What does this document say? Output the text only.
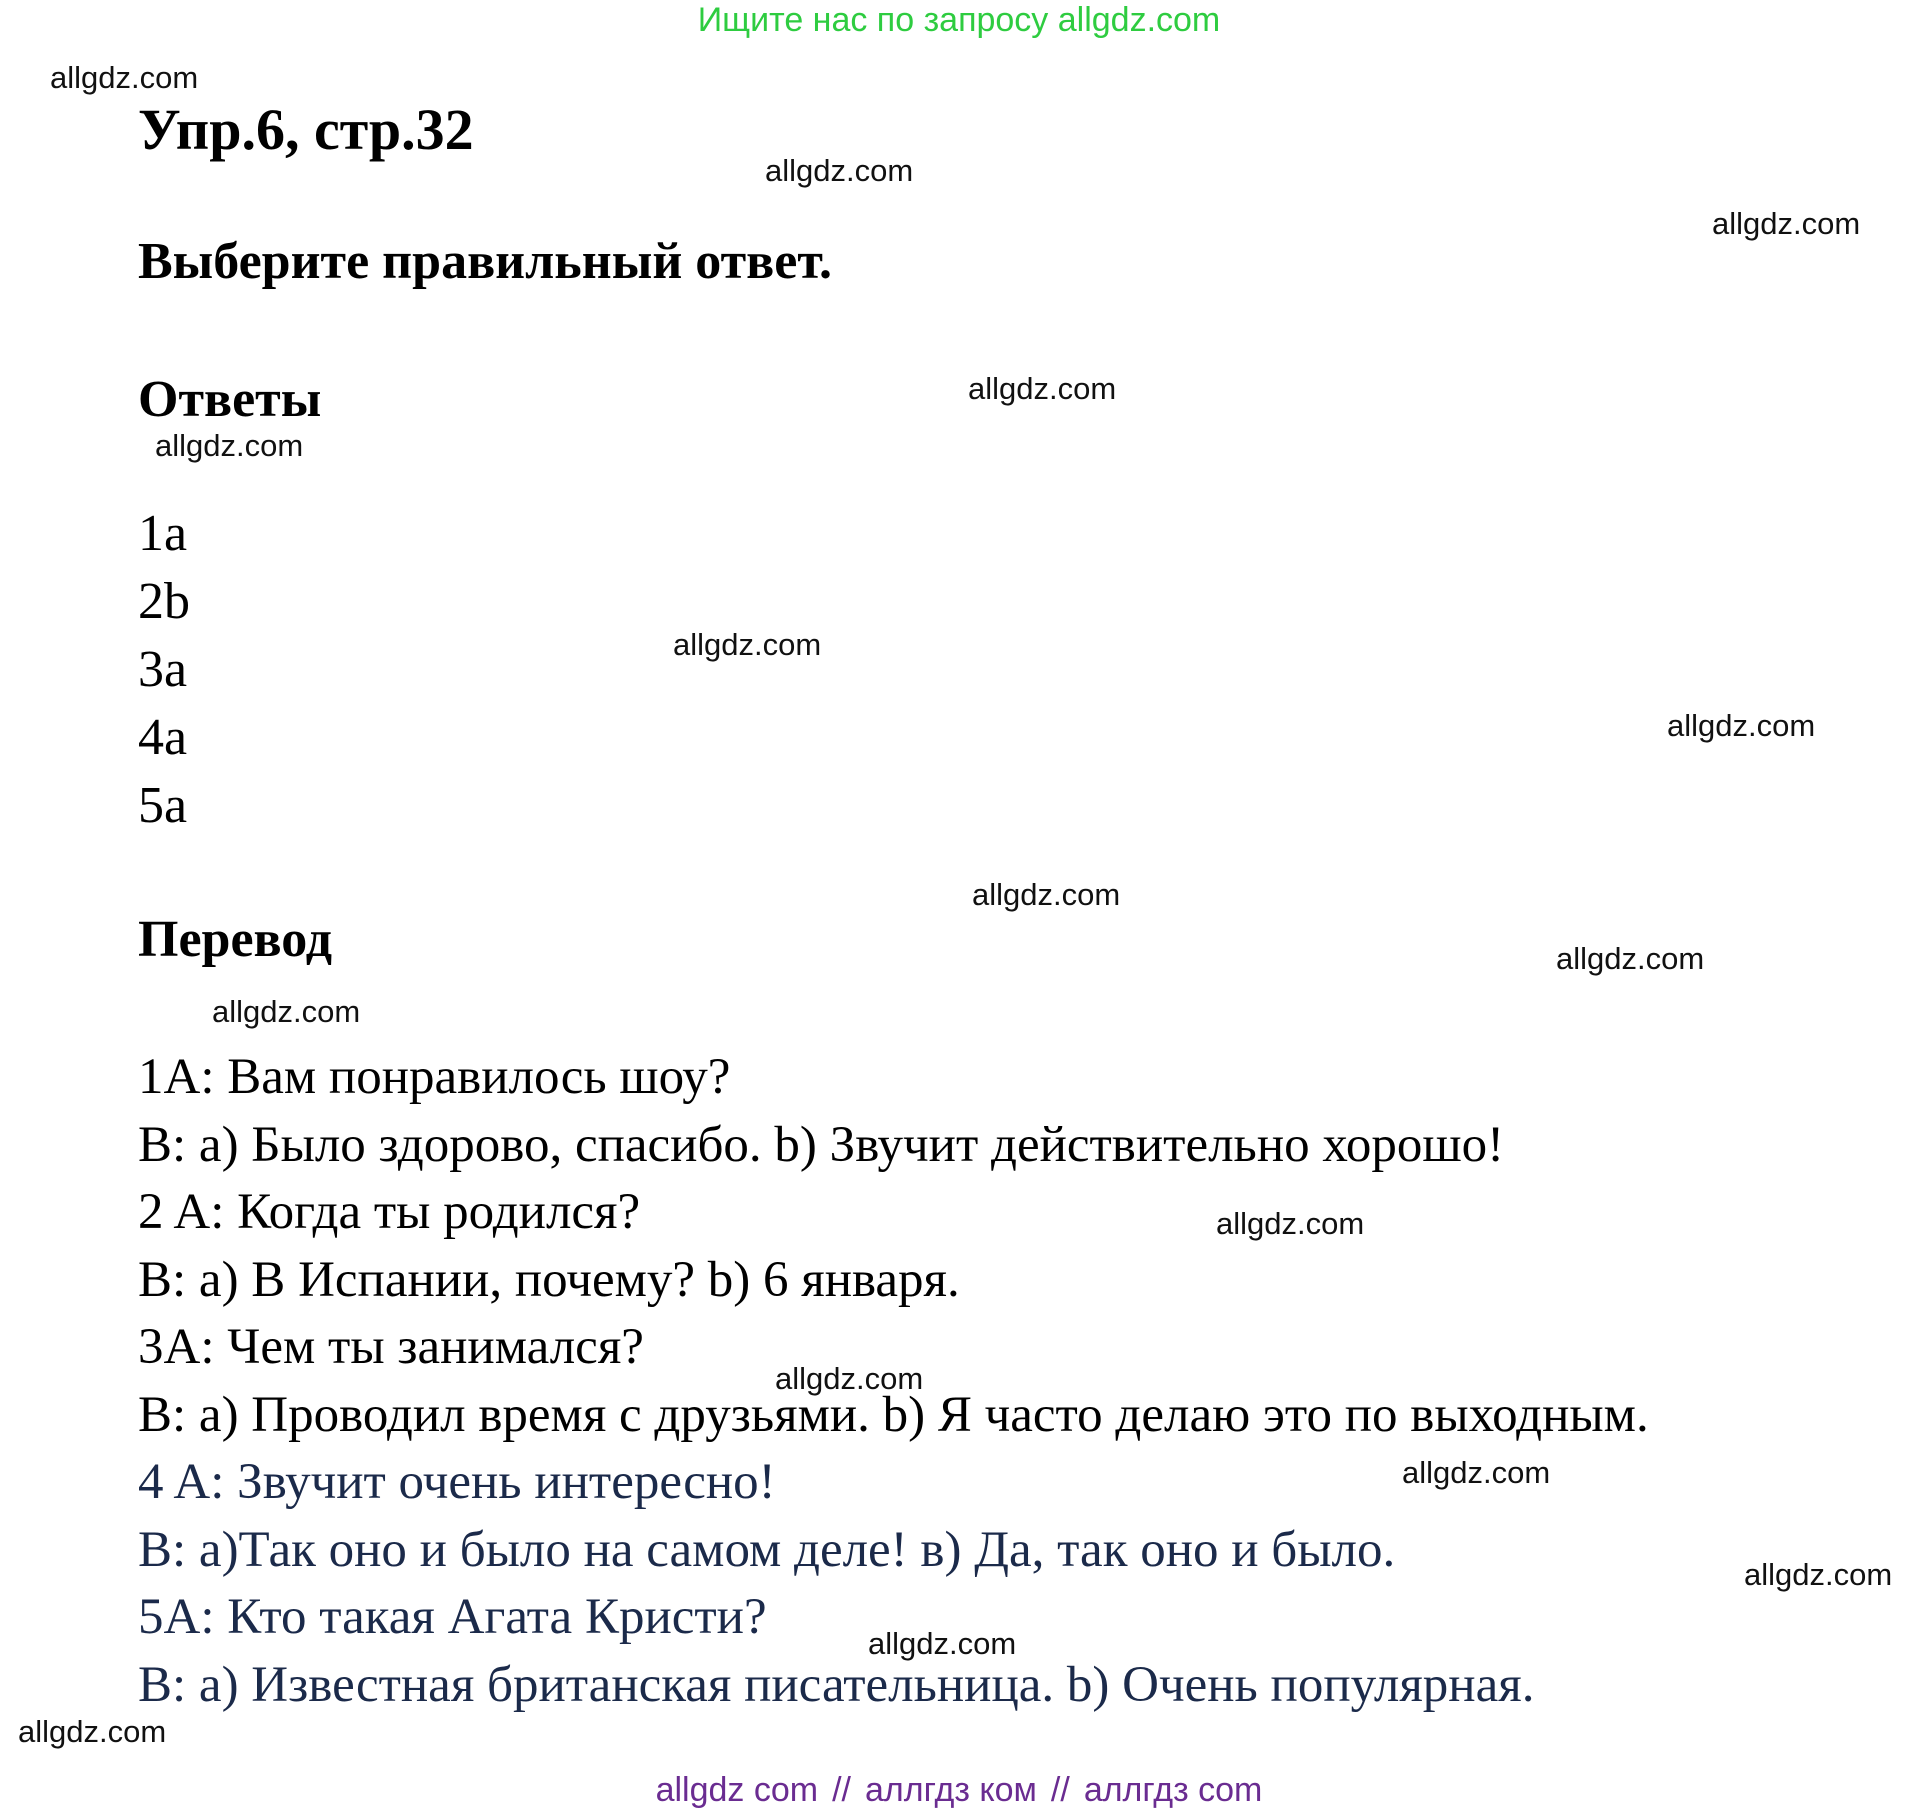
Ищите нас по запросу allgdz.com
allgdz.com
allgdz.com
allgdz.com
allgdz.com
allgdz.com
allgdz.com
allgdz.com
allgdz.com
allgdz.com
allgdz.com
allgdz.com
allgdz.com
allgdz.com
allgdz.com
allgdz.com
allgdz.com
Упр.6, стр.32
Выберите правильный ответ.
Ответы
1a
2b
3a
4a
5a
Перевод
1A: Вам понравилось шоу?
B: a) Было здорово, спасибо. b) Звучит действительно хорошо!
2 A: Когда ты родился?
B: a) В Испании, почему? b) 6 января.
3A: Чем ты занимался?
B: a) Проводил время с друзьями. b) Я часто делаю это по выходным.
4 A: Звучит очень интересно!
B: a)Так оно и было на самом деле! в) Да, так оно и было.
5A: Кто такая Агата Кристи?
B: a) Известная британская писательница. b) Очень популярная.
allgdz com // аллгдз ком // аллгдз com
